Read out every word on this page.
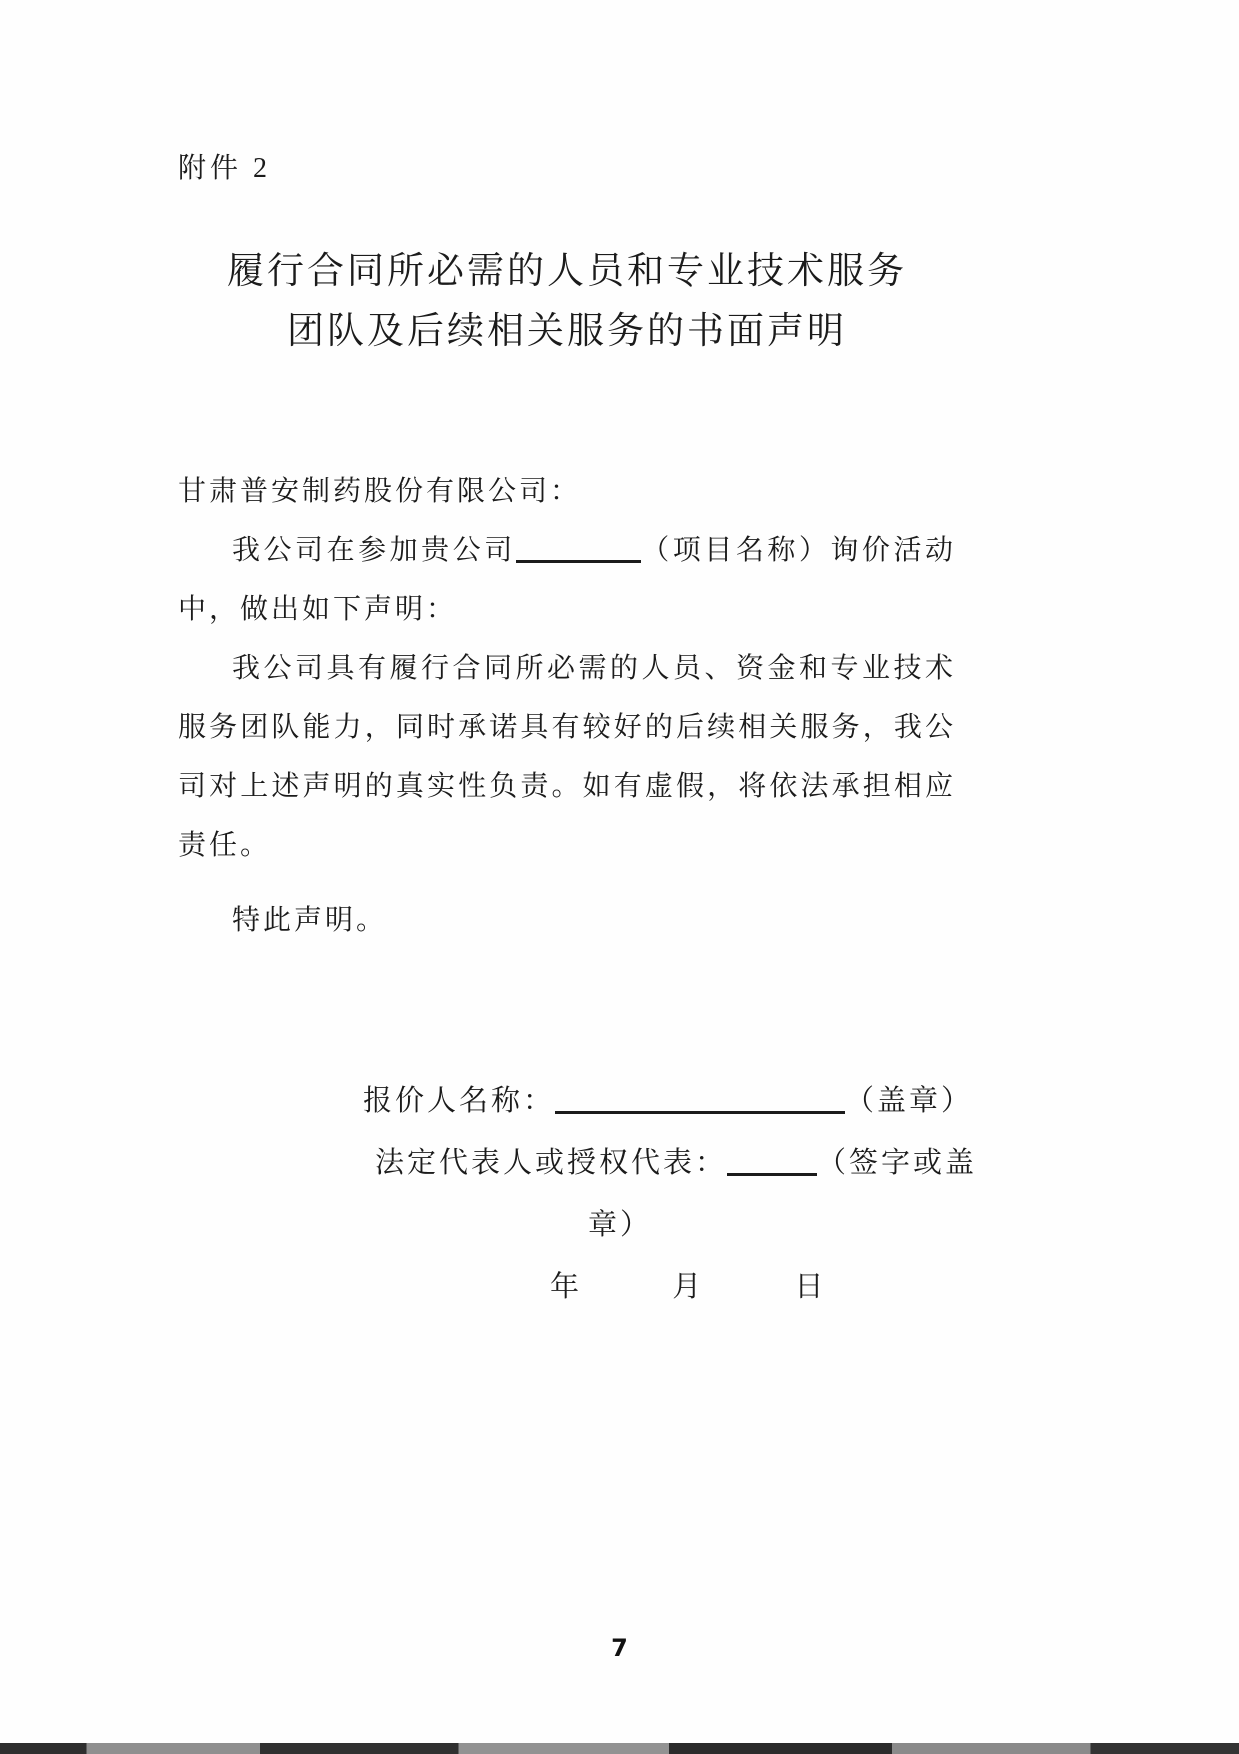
附件 2
履行合同所必需的人员和专业技术服务
团队及后续相关服务的书面声明

甘肃普安制药股份有限公司：

我公司在参加贵公司	（项目名称）询价活动中，做出如下声明：

我公司具有履行合同所必需的人员、资金和专业技术服务团队能力，同时承诺具有较好的后续相关服务，我公司对上述声明的真实性负责。如有虚假，将依法承担相应责任。

特此声明。

报价人名称：	（盖章）
法定代表人或授权代表：	（签字或盖
章）
年	月	日
7
